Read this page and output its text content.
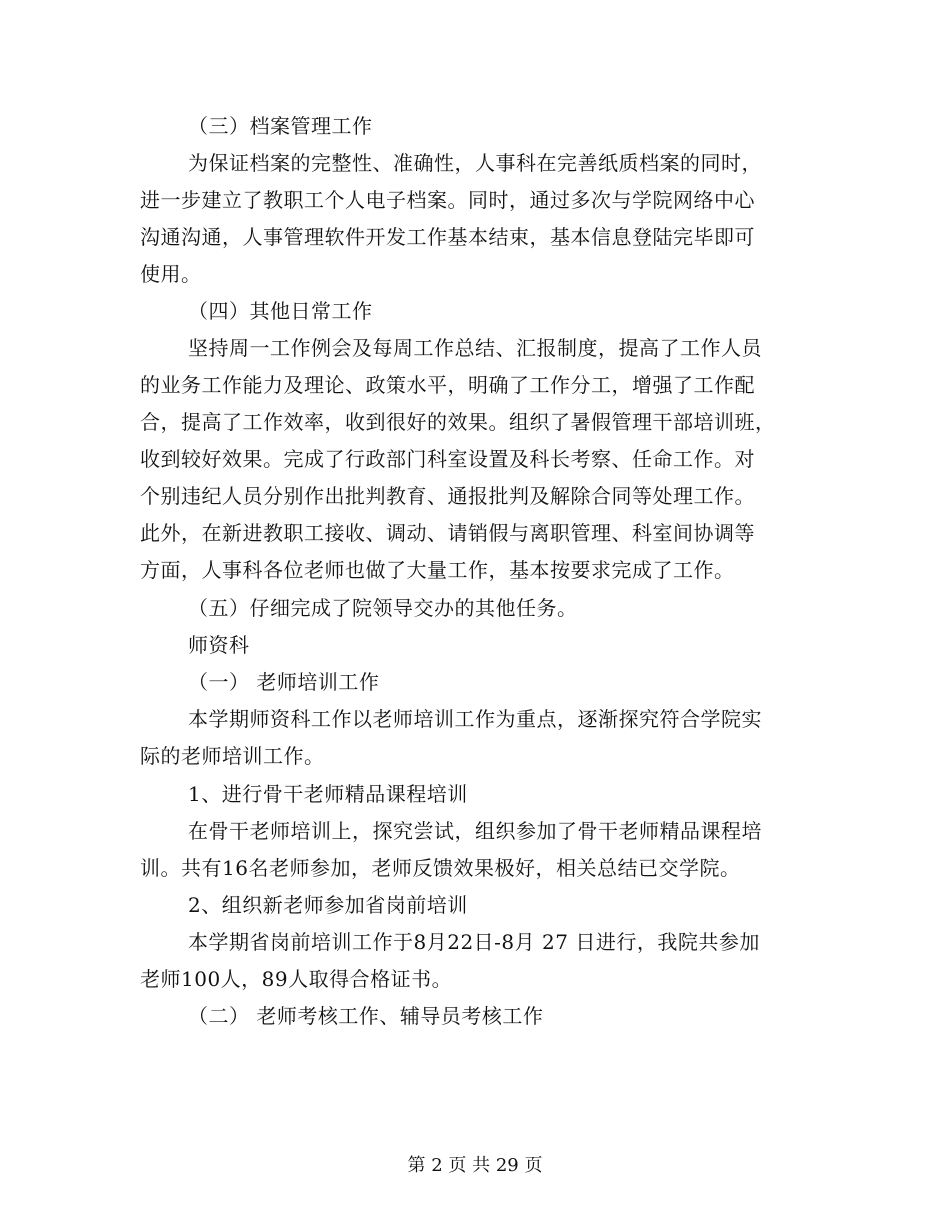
（三）档案管理工作
为保证档案的完整性、准确性，人事科在完善纸质档案的同时，
进一步建立了教职工个人电子档案。同时，通过多次与学院网络中心
沟通沟通，人事管理软件开发工作基本结束，基本信息登陆完毕即可
使用。
（四）其他日常工作
坚持周一工作例会及每周工作总结、汇报制度，提高了工作人员
的业务工作能力及理论、政策水平，明确了工作分工，增强了工作配
合，提高了工作效率，收到很好的效果。组织了暑假管理干部培训班，
收到较好效果。完成了行政部门科室设置及科长考察、任命工作。对
个别违纪人员分别作出批判教育、通报批判及解除合同等处理工作。
此外，在新进教职工接收、调动、请销假与离职管理、科室间协调等
方面，人事科各位老师也做了大量工作，基本按要求完成了工作。
（五）仔细完成了院领导交办的其他任务。
师资科
（一） 老师培训工作
本学期师资科工作以老师培训工作为重点，逐渐探究符合学院实
际的老师培训工作。
1、进行骨干老师精品课程培训
在骨干老师培训上，探究尝试，组织参加了骨干老师精品课程培
训。共有16名老师参加，老师反馈效果极好，相关总结已交学院。
2、组织新老师参加省岗前培训
本学期省岗前培训工作于8月22日-8月 27 日进行，我院共参加
老师100人，89人取得合格证书。
（二） 老师考核工作、辅导员考核工作
第 2 页 共 29 页
